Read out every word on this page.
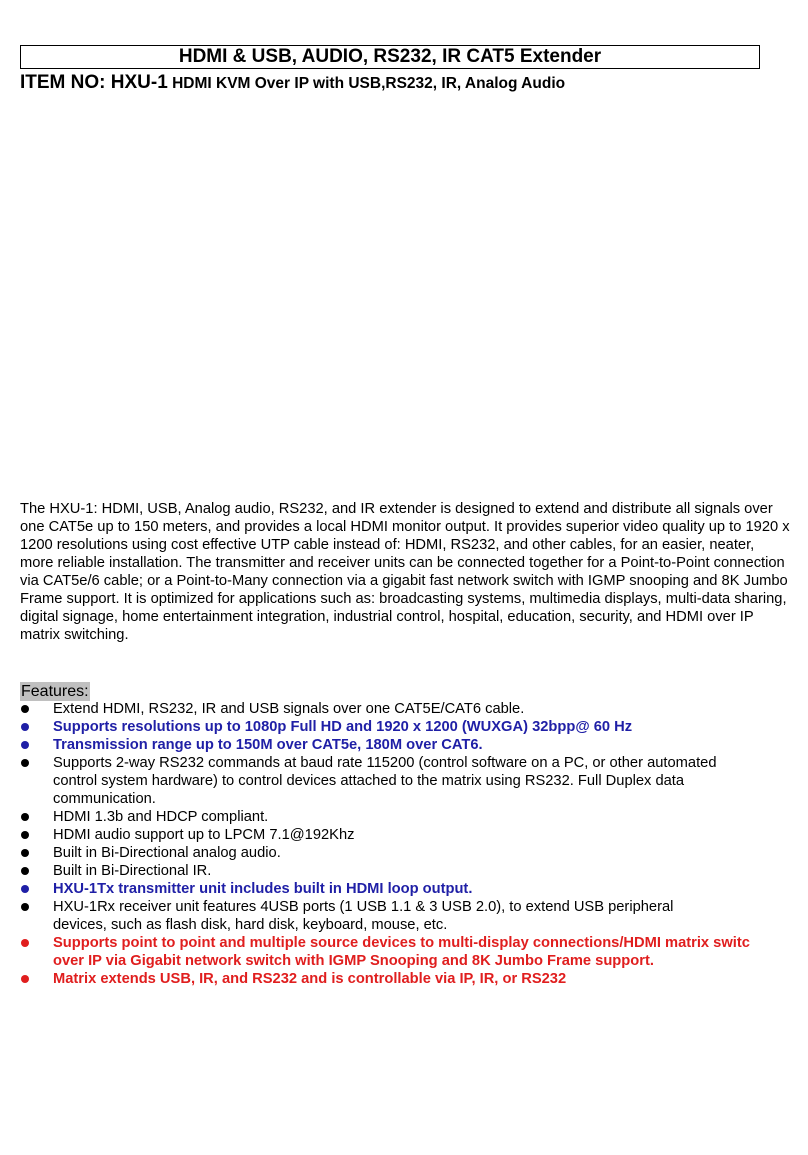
HDMI & USB, AUDIO, RS232, IR CAT5 Extender
ITEM NO: HXU-1 HDMI KVM Over IP with USB,RS232, IR, Analog Audio

The HXU-1: HDMI, USB, Analog audio, RS232, and IR extender is designed to extend and distribute all signals over one CAT5e up to 150 meters, and provides a local HDMI monitor output. It provides superior video quality up to 1920 x 1200 resolutions using cost effective UTP cable instead of: HDMI, RS232, and other cables, for an easier, neater, more reliable installation. The transmitter and receiver units can be connected together for a Point-to-Point connection via CAT5e/6 cable; or a Point-to-Many connection via a gigabit fast network switch with IGMP snooping and 8K Jumbo Frame support. It is optimized for applications such as: broadcasting systems, multimedia displays, multi-data sharing, digital signage, home entertainment integration, industrial control, hospital, education, security, and HDMI over IP matrix switching.

Features:
Extend HDMI, RS232, IR and USB signals over one CAT5E/CAT6 cable.
Supports resolutions up to 1080p Full HD and 1920 x 1200 (WUXGA) 32bpp@ 60 Hz
Transmission range up to 150M over CAT5e, 180M over CAT6.
Supports 2-way RS232 commands at baud rate 115200 (control software on a PC, or other automated
control system hardware) to control devices attached to the matrix using RS232. Full Duplex data
communication.
HDMI 1.3b and HDCP compliant.
HDMI audio support up to LPCM 7.1@192Khz
Built in Bi-Directional analog audio.
Built in Bi-Directional IR.
HXU-1Tx transmitter unit includes built in HDMI loop output.
HXU-1Rx receiver unit features 4USB ports (1 USB 1.1 & 3 USB 2.0), to extend USB peripheral
devices, such as flash disk, hard disk, keyboard, mouse, etc.
Supports point to point and multiple source devices to multi-display connections/HDMI matrix switc
over IP via Gigabit network switch with IGMP Snooping and 8K Jumbo Frame support.
Matrix extends USB, IR, and RS232 and is controllable via IP, IR, or RS232
